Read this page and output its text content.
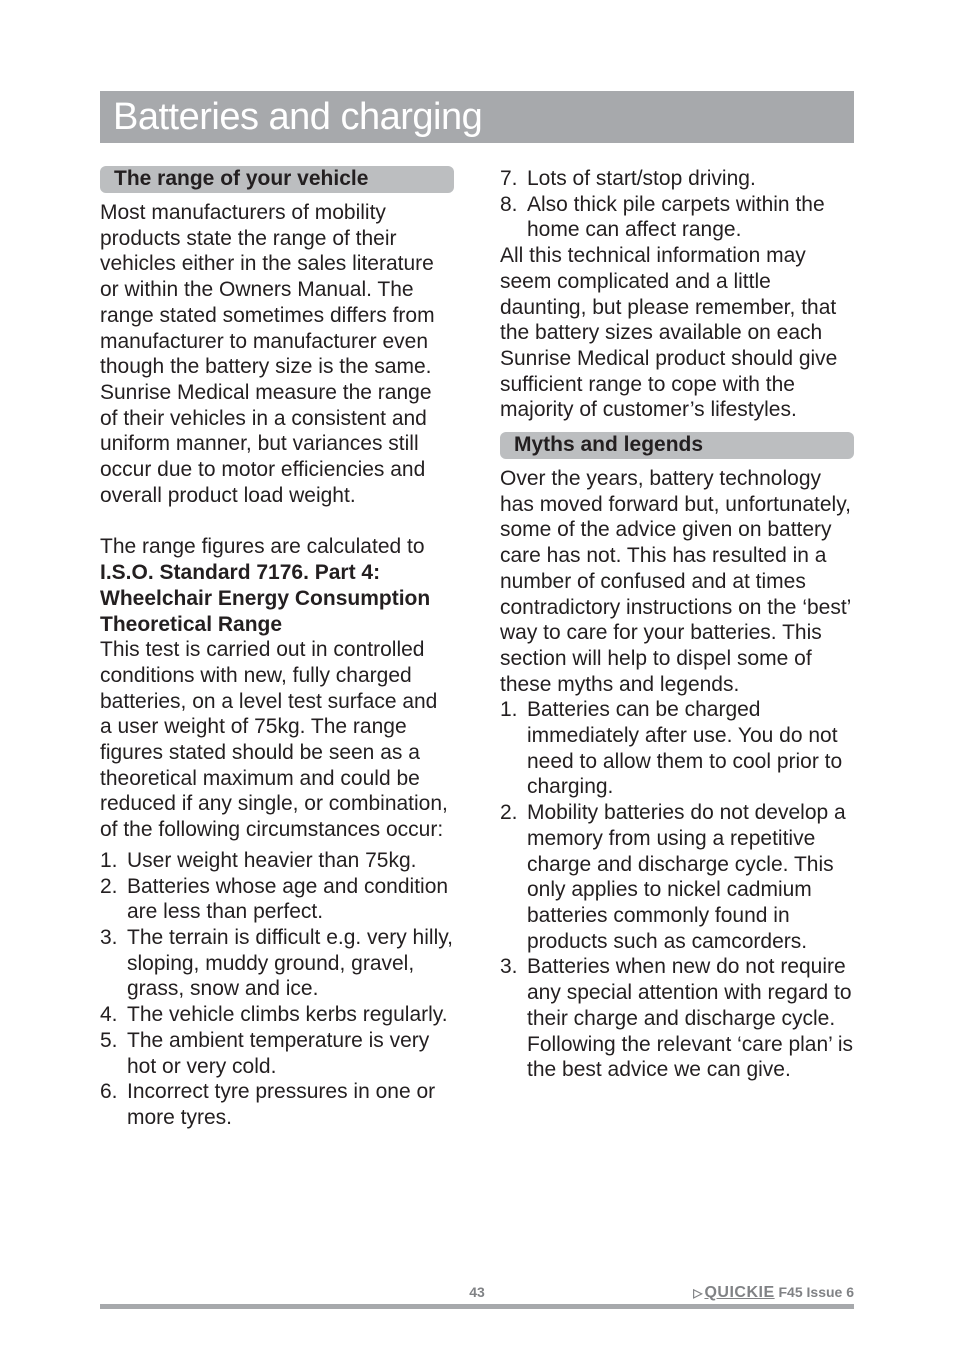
Batteries and charging
The range of your vehicle

Most manufacturers of mobility products state the range of their vehicles either in the sales literature or within the Owners Manual. The range stated sometimes differs from manufacturer to manufacturer even though the battery size is the same. Sunrise Medical measure the range of their vehicles in a consistent and uniform manner, but variances still occur due to motor efficiencies and overall product load weight.

The range figures are calculated to

I.S.O. Standard 7176. Part 4:

Wheelchair Energy Consumption

Theoretical Range

This test is carried out in controlled conditions with new, fully charged batteries, on a level test surface and a user weight of 75kg. The range figures stated should be seen as a theoretical maximum and could be reduced if any single, or combination, of the following circumstances occur:

1. User weight heavier than 75kg.
2. Batteries whose age and condition are less than perfect.
3. The terrain is difficult e.g. very hilly, sloping, muddy ground, gravel, grass, snow and ice.
4. The vehicle climbs kerbs regularly.
5. The ambient temperature is very hot or very cold.
6. Incorrect tyre pressures in one or more tyres.
7. Lots of start/stop driving.
8. Also thick pile carpets within the home can affect range.

All this technical information may seem complicated and a little daunting, but please remember, that the battery sizes available on each Sunrise Medical product should give sufficient range to cope with the majority of customer’s lifestyles.

Myths and legends

Over the years, battery technology has moved forward but, unfortunately, some of the advice given on battery care has not. This has resulted in a number of confused and at times contradictory instructions on the ‘best’ way to care for your batteries. This section will help to dispel some of these myths and legends.

1. Batteries can be charged immediately after use. You do not need to allow them to cool prior to charging.
2. Mobility batteries do not develop a memory from using a repetitive charge and discharge cycle. This only applies to nickel cadmium batteries commonly found in products such as camcorders.
3. Batteries when new do not require any special attention with regard to their charge and discharge cycle. Following the relevant ‘care plan’ is the best advice we can give.
43	▷ QUICKIE F45 Issue 6
